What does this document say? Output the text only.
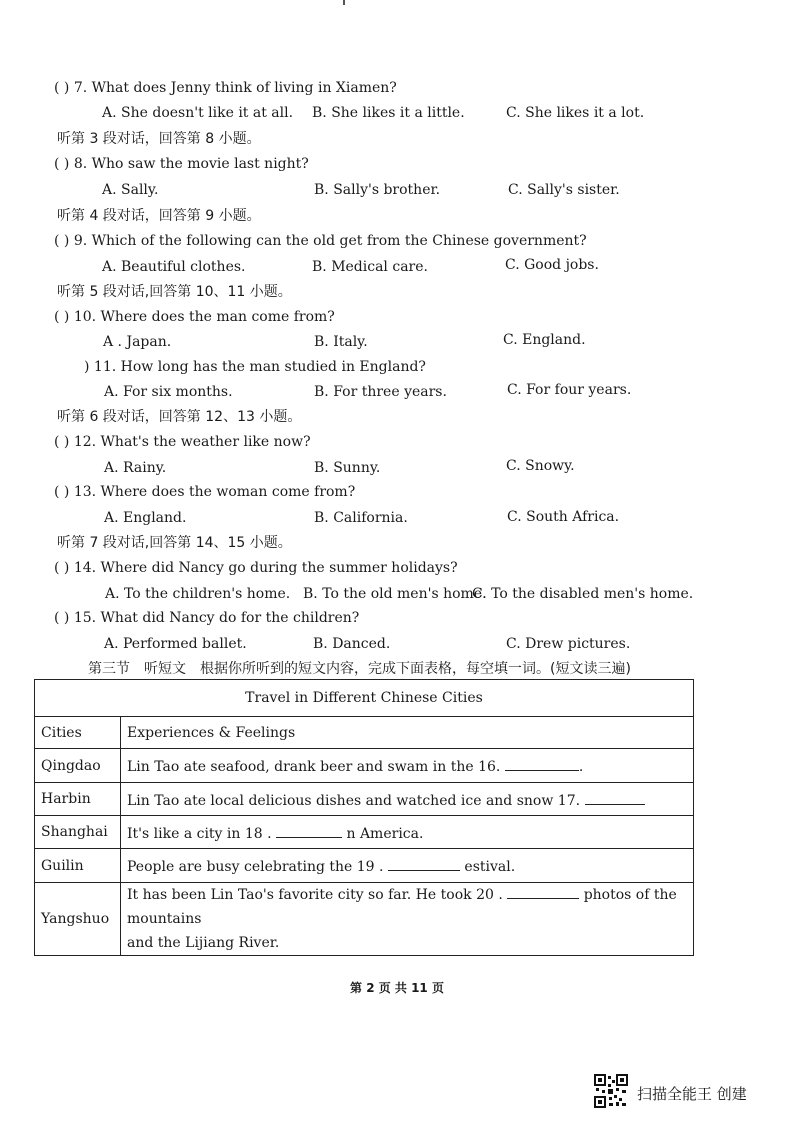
( ) 7. What does Jenny think of living in Xiamen?
A. She doesn't like it at all. B. She likes it a little.	C. She likes it a lot.
听第 3 段对话，回答第 8 小题。
( ) 8. Who saw the movie last night?
A. Sally.	B. Sally's brother.	C. Sally's sister.
听第 4 段对话，回答第 9 小题。
( ) 9. Which of the following can the old get from the Chinese government?
A. Beautiful clothes.	B. Medical care.	C. Good jobs.
听第 5 段对话,回答第 10、11 小题。
( ) 10. Where does the man come from?
A . Japan.	B. Italy.	C. England.
) 11. How long has the man studied in England?
A. For six months.	B. For three years.	C. For four years.
听第 6 段对话，回答第 12、13 小题。
( ) 12. What's the weather like now?
A. Rainy.	B. Sunny.	C. Snowy.
( ) 13. Where does the woman come from?
A. England.	B. California.	C. South Africa.
听第 7 段对话,回答第 14、15 小题。
( ) 14. Where did Nancy go during the summer holidays?
A. To the children's home. B. To the old men's home.
C. To the disabled men's home.
( ) 15. What did Nancy do for the children?
A. Performed ballet.	B. Danced.	C. Drew pictures.
第三节　听短文　根据你所听到的短文内容，完成下面表格，每空填一词。(短文读三遍)
Travel in Different Chinese Cities	
Cities	Experiences & Feelings
Qingdao	Lin Tao ate seafood, drank beer and swam in the 16. .
Harbin	Lin Tao ate local delicious dishes and watched ice and snow 17.
Shanghai	It's like a city in 18 . n America.
Guilin	People are busy celebrating the 19 . estival.
Yangshuo	It has been Lin Tao's favorite city so far. He took 20 . photos of the mountains
and the Lijiang River.
第 2 页 共 11 页
扫描全能王 创建
